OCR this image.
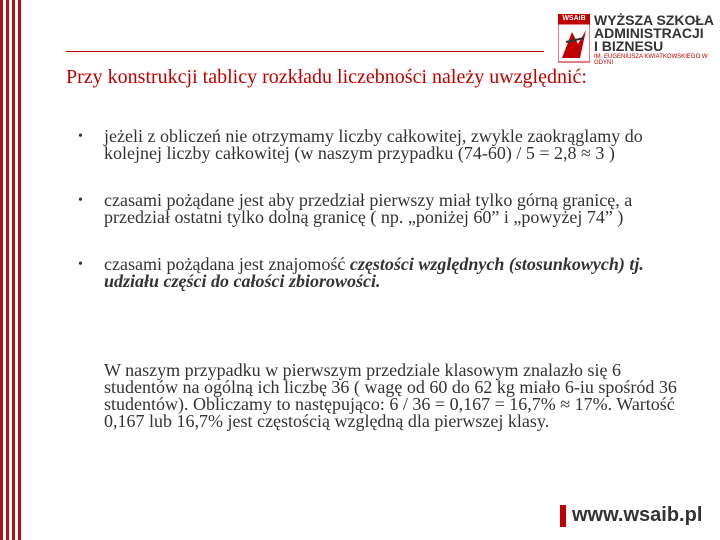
WSAiB WYŻSZA SZKOŁA
ADMINISTRACJI
I BIZNESU
IM. EUGENIUSZA KWIATKOWSKIEGO W GDYNI
Przy konstrukcji tablicy rozkładu liczebności należy uwzględnić:
• jeżeli z obliczeń nie otrzymamy liczby całkowitej, zwykle zaokrąglamy do kolejnej liczby całkowitej (w naszym przypadku (74-60) / 5 = 2,8 ≈ 3 )
• czasami pożądane jest aby przedział pierwszy miał tylko górną granicę, a przedział ostatni tylko dolną granicę ( np. „poniżej 60” i „powyżej 74” )
• czasami pożądana jest znajomość częstości względnych (stosunkowych) tj. udziału części do całości zbiorowości.

W naszym przypadku w pierwszym przedziale klasowym znalazło się 6 studentów na ogólną ich liczbę 36 ( wagę od 60 do 62 kg miało 6-iu spośród 36 studentów). Obliczamy to następująco: 6 / 36 = 0,167 = 16,7% ≈ 17%. Wartość 0,167 lub 16,7% jest częstością względną dla pierwszej klasy.

www.wsaib.pl
